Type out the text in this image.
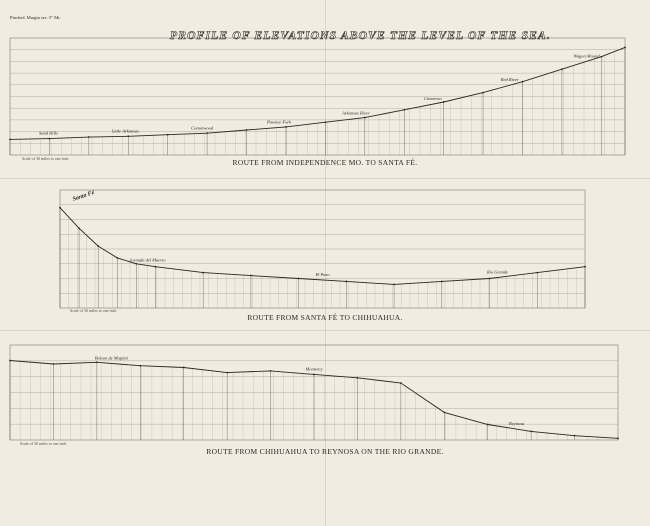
Pinched. Margin sec. 5" Mr.
PROFILE OF ELEVATIONS ABOVE THE LEVEL OF THE SEA.
Sand Hills	Little Arkansas
Cottonwood
Pawnee Fork
Arkansas River
Cimarron
Red River
Wagon Mound
Jornada del Muerto
El Paso	Rio Grande
Bolson de Mapimi
Monterey
Reynosa
Scale of 30 miles to one inch	ROUTE FROM INDEPENDENCE MO. TO SANTA FÉ.
Santa Fé
Scale of 30 miles to one inch
ROUTE FROM SANTA FÉ TO CHIHUAHUA.
Scale of 30 miles to one inch
ROUTE FROM CHIHUAHUA TO REYNOSA ON THE RIO GRANDE.
